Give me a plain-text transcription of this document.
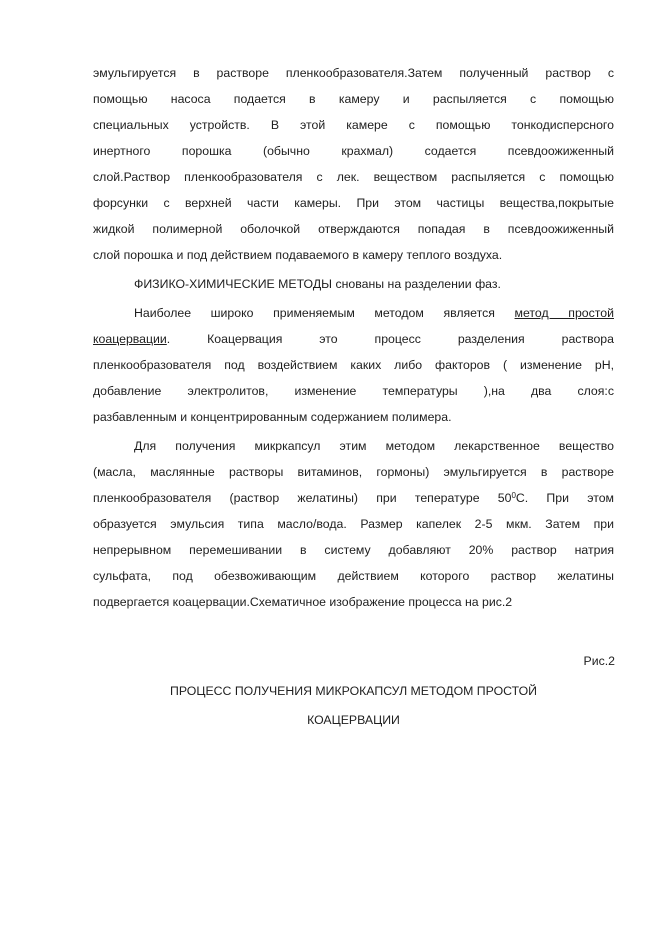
эмульгируется в растворе пленкообразователя.Затем полученный раствор с
помощью насоса подается в камеру и распыляется с помощью
специальных устройств. В этой камере с помощью тонкодисперсного
инертного порошка (обычно крахмал) содается псевдоожиженный
слой.Раствор пленкообразователя с лек. веществом распыляется с помощью
форсунки с верхней части камеры. При этом частицы вещества,покрытые
жидкой полимерной оболочкой отверждаются попадая в псевдоожиженный
слой порошка и под действием подаваемого в камеру теплого воздуха.
ФИЗИКО-ХИМИЧЕСКИЕ МЕТОДЫ снованы на разделении фаз.
Наиболее широко применяемым методом является метод простой
коацервации. Коацервация это процесс разделения раствора
пленкообразователя под воздействием каких либо факторов ( изменение pH,
добавление электролитов, изменение температуры ),на два слоя:с
разбавленным и концентрированным содержанием полимера.
Для получения микркапсул этим методом лекарственное вещество
(масла, маслянные растворы витаминов, гормоны) эмульгируется в растворе
пленкообразователя (раствор желатины) при тепературе $50^0С$. При этом
образуется эмульсия типа масло/вода. Размер капелек 2-5 мкм. Затем при
непрерывном перемешивании в систему добавляют 20% раствор натрия
сульфата, под обезвоживающим действием которого раствор желатины
подвергается коацервации.Схематичное изображение процесса на рис.2
Рис.2
ПРОЦЕСС ПОЛУЧЕНИЯ МИКРОКАПСУЛ МЕТОДОМ ПРОСТОЙ
КОАЦЕРВАЦИИ
